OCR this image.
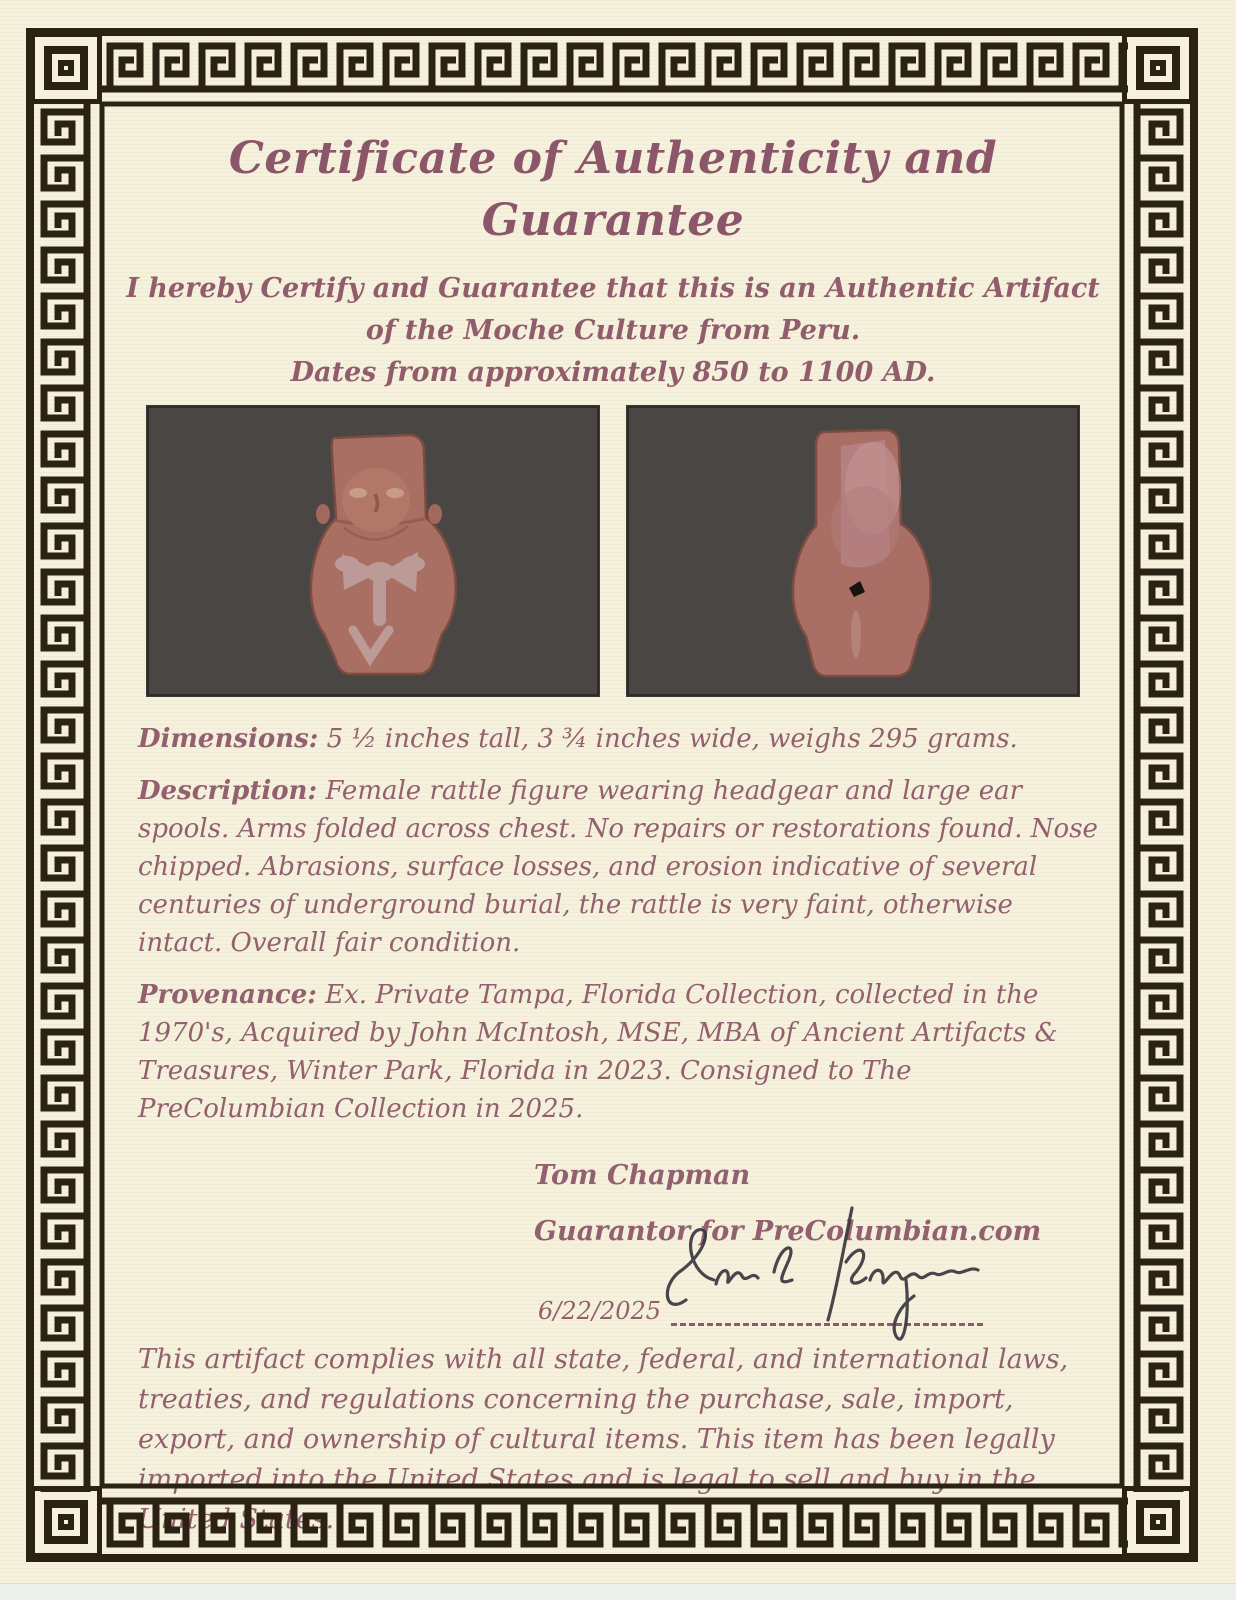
Certificate of Authenticity and Guarantee
I hereby Certify and Guarantee that this is an Authentic Artifact
of the Moche Culture from Peru.
Dates from approximately 850 to 1100 AD.

Dimensions: 5 ½ inches tall, 3 ¾ inches wide, weighs 295 grams.

Description: Female rattle figure wearing headgear and large ear spools. Arms folded across chest. No repairs or restorations found. Nose chipped. Abrasions, surface losses, and erosion indicative of several centuries of underground burial, the rattle is very faint, otherwise intact. Overall fair condition.

Provenance: Ex. Private Tampa, Florida Collection, collected in the 1970's, Acquired by John McIntosh, MSE, MBA of Ancient Artifacts & Treasures, Winter Park, Florida in 2023. Consigned to The PreColumbian Collection in 2025.

Tom Chapman
Guarantor for PreColumbian.com
6/22/2025

This artifact complies with all state, federal, and international laws, treaties, and regulations concerning the purchase, sale, import, export, and ownership of cultural items. This item has been legally imported into the United States and is legal to sell and buy in the United States.
